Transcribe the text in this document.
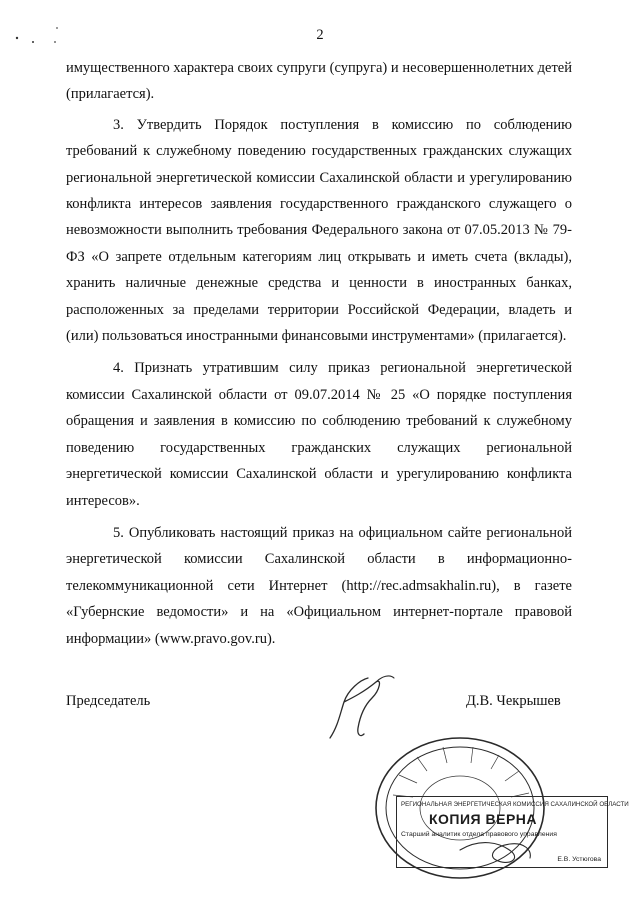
2

имущественного характера своих супруги (супруга) и несовершеннолетних детей (прилагается).

3. Утвердить Порядок поступления в комиссию по соблюдению требований к служебному поведению государственных гражданских служащих региональной энергетической комиссии Сахалинской области и урегулированию конфликта интересов заявления государственного гражданского служащего о невозможности выполнить требования Федерального закона от 07.05.2013 № 79-ФЗ «О запрете отдельным категориям лиц открывать и иметь счета (вклады), хранить наличные денежные средства и ценности в иностранных банках, расположенных за пределами территории Российской Федерации, владеть и (или) пользоваться иностранными финансовыми инструментами» (прилагается).

4. Признать утратившим силу приказ региональной энергетической комиссии Сахалинской области от 09.07.2014 № 25 «О порядке поступления обращения и заявления в комиссию по соблюдению требований к служебному поведению государственных гражданских служащих региональной энергетической комиссии Сахалинской области и урегулированию конфликта интересов».

5. Опубликовать настоящий приказ на официальном сайте региональной энергетической комиссии Сахалинской области в информационно-телекоммуникационной сети Интернет (http://rec.admsakhalin.ru), в газете «Губернские ведомости» и на «Официальном интернет-портале правовой информации» (www.pravo.gov.ru).

Председатель	Д.В. Чекрышев
РЕГИОНАЛЬНАЯ ЭНЕРГЕТИЧЕСКАЯ КОМИССИЯ САХАЛИНСКОЙ ОБЛАСТИ
КОПИЯ ВЕРНА
Старший аналитик отдела правового управления
Е.В. Устюгова
